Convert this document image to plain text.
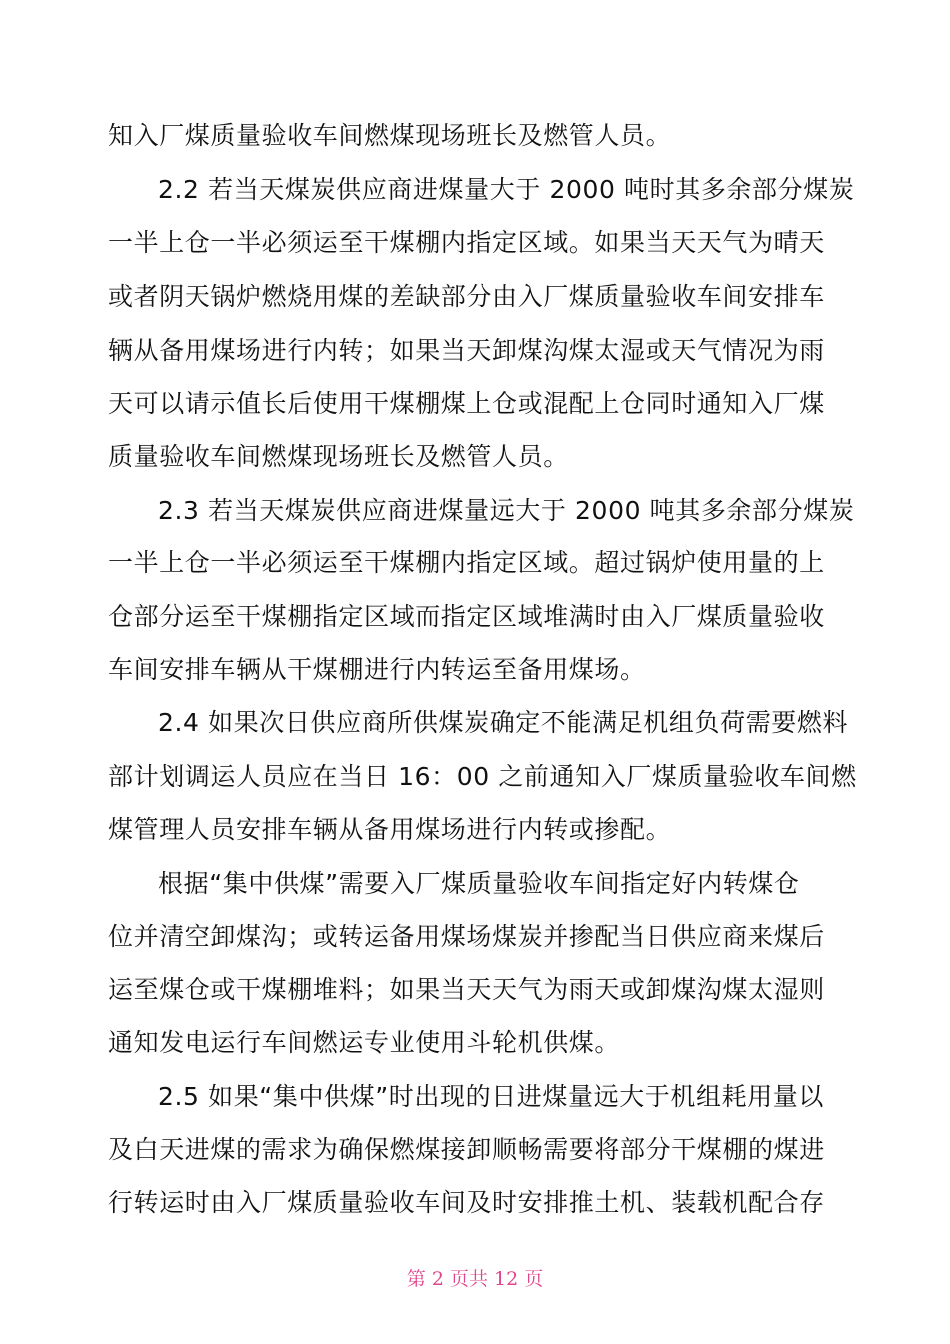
知入厂煤质量验收车间燃煤现场班长及燃管人员。
2.2 若当天煤炭供应商进煤量大于 2000 吨时其多余部分煤炭
一半上仓一半必须运至干煤棚内指定区域。如果当天天气为晴天
或者阴天锅炉燃烧用煤的差缺部分由入厂煤质量验收车间安排车
辆从备用煤场进行内转；如果当天卸煤沟煤太湿或天气情况为雨
天可以请示值长后使用干煤棚煤上仓或混配上仓同时通知入厂煤
质量验收车间燃煤现场班长及燃管人员。
2.3 若当天煤炭供应商进煤量远大于 2000 吨其多余部分煤炭
一半上仓一半必须运至干煤棚内指定区域。超过锅炉使用量的上
仓部分运至干煤棚指定区域而指定区域堆满时由入厂煤质量验收
车间安排车辆从干煤棚进行内转运至备用煤场。
2.4 如果次日供应商所供煤炭确定不能满足机组负荷需要燃料
部计划调运人员应在当日 16：00 之前通知入厂煤质量验收车间燃
煤管理人员安排车辆从备用煤场进行内转或掺配。
根据“集中供煤”需要入厂煤质量验收车间指定好内转煤仓
位并清空卸煤沟；或转运备用煤场煤炭并掺配当日供应商来煤后
运至煤仓或干煤棚堆料；如果当天天气为雨天或卸煤沟煤太湿则
通知发电运行车间燃运专业使用斗轮机供煤。
2.5 如果“集中供煤”时出现的日进煤量远大于机组耗用量以
及白天进煤的需求为确保燃煤接卸顺畅需要将部分干煤棚的煤进
行转运时由入厂煤质量验收车间及时安排推土机、装载机配合存
第 2 页共 12 页
